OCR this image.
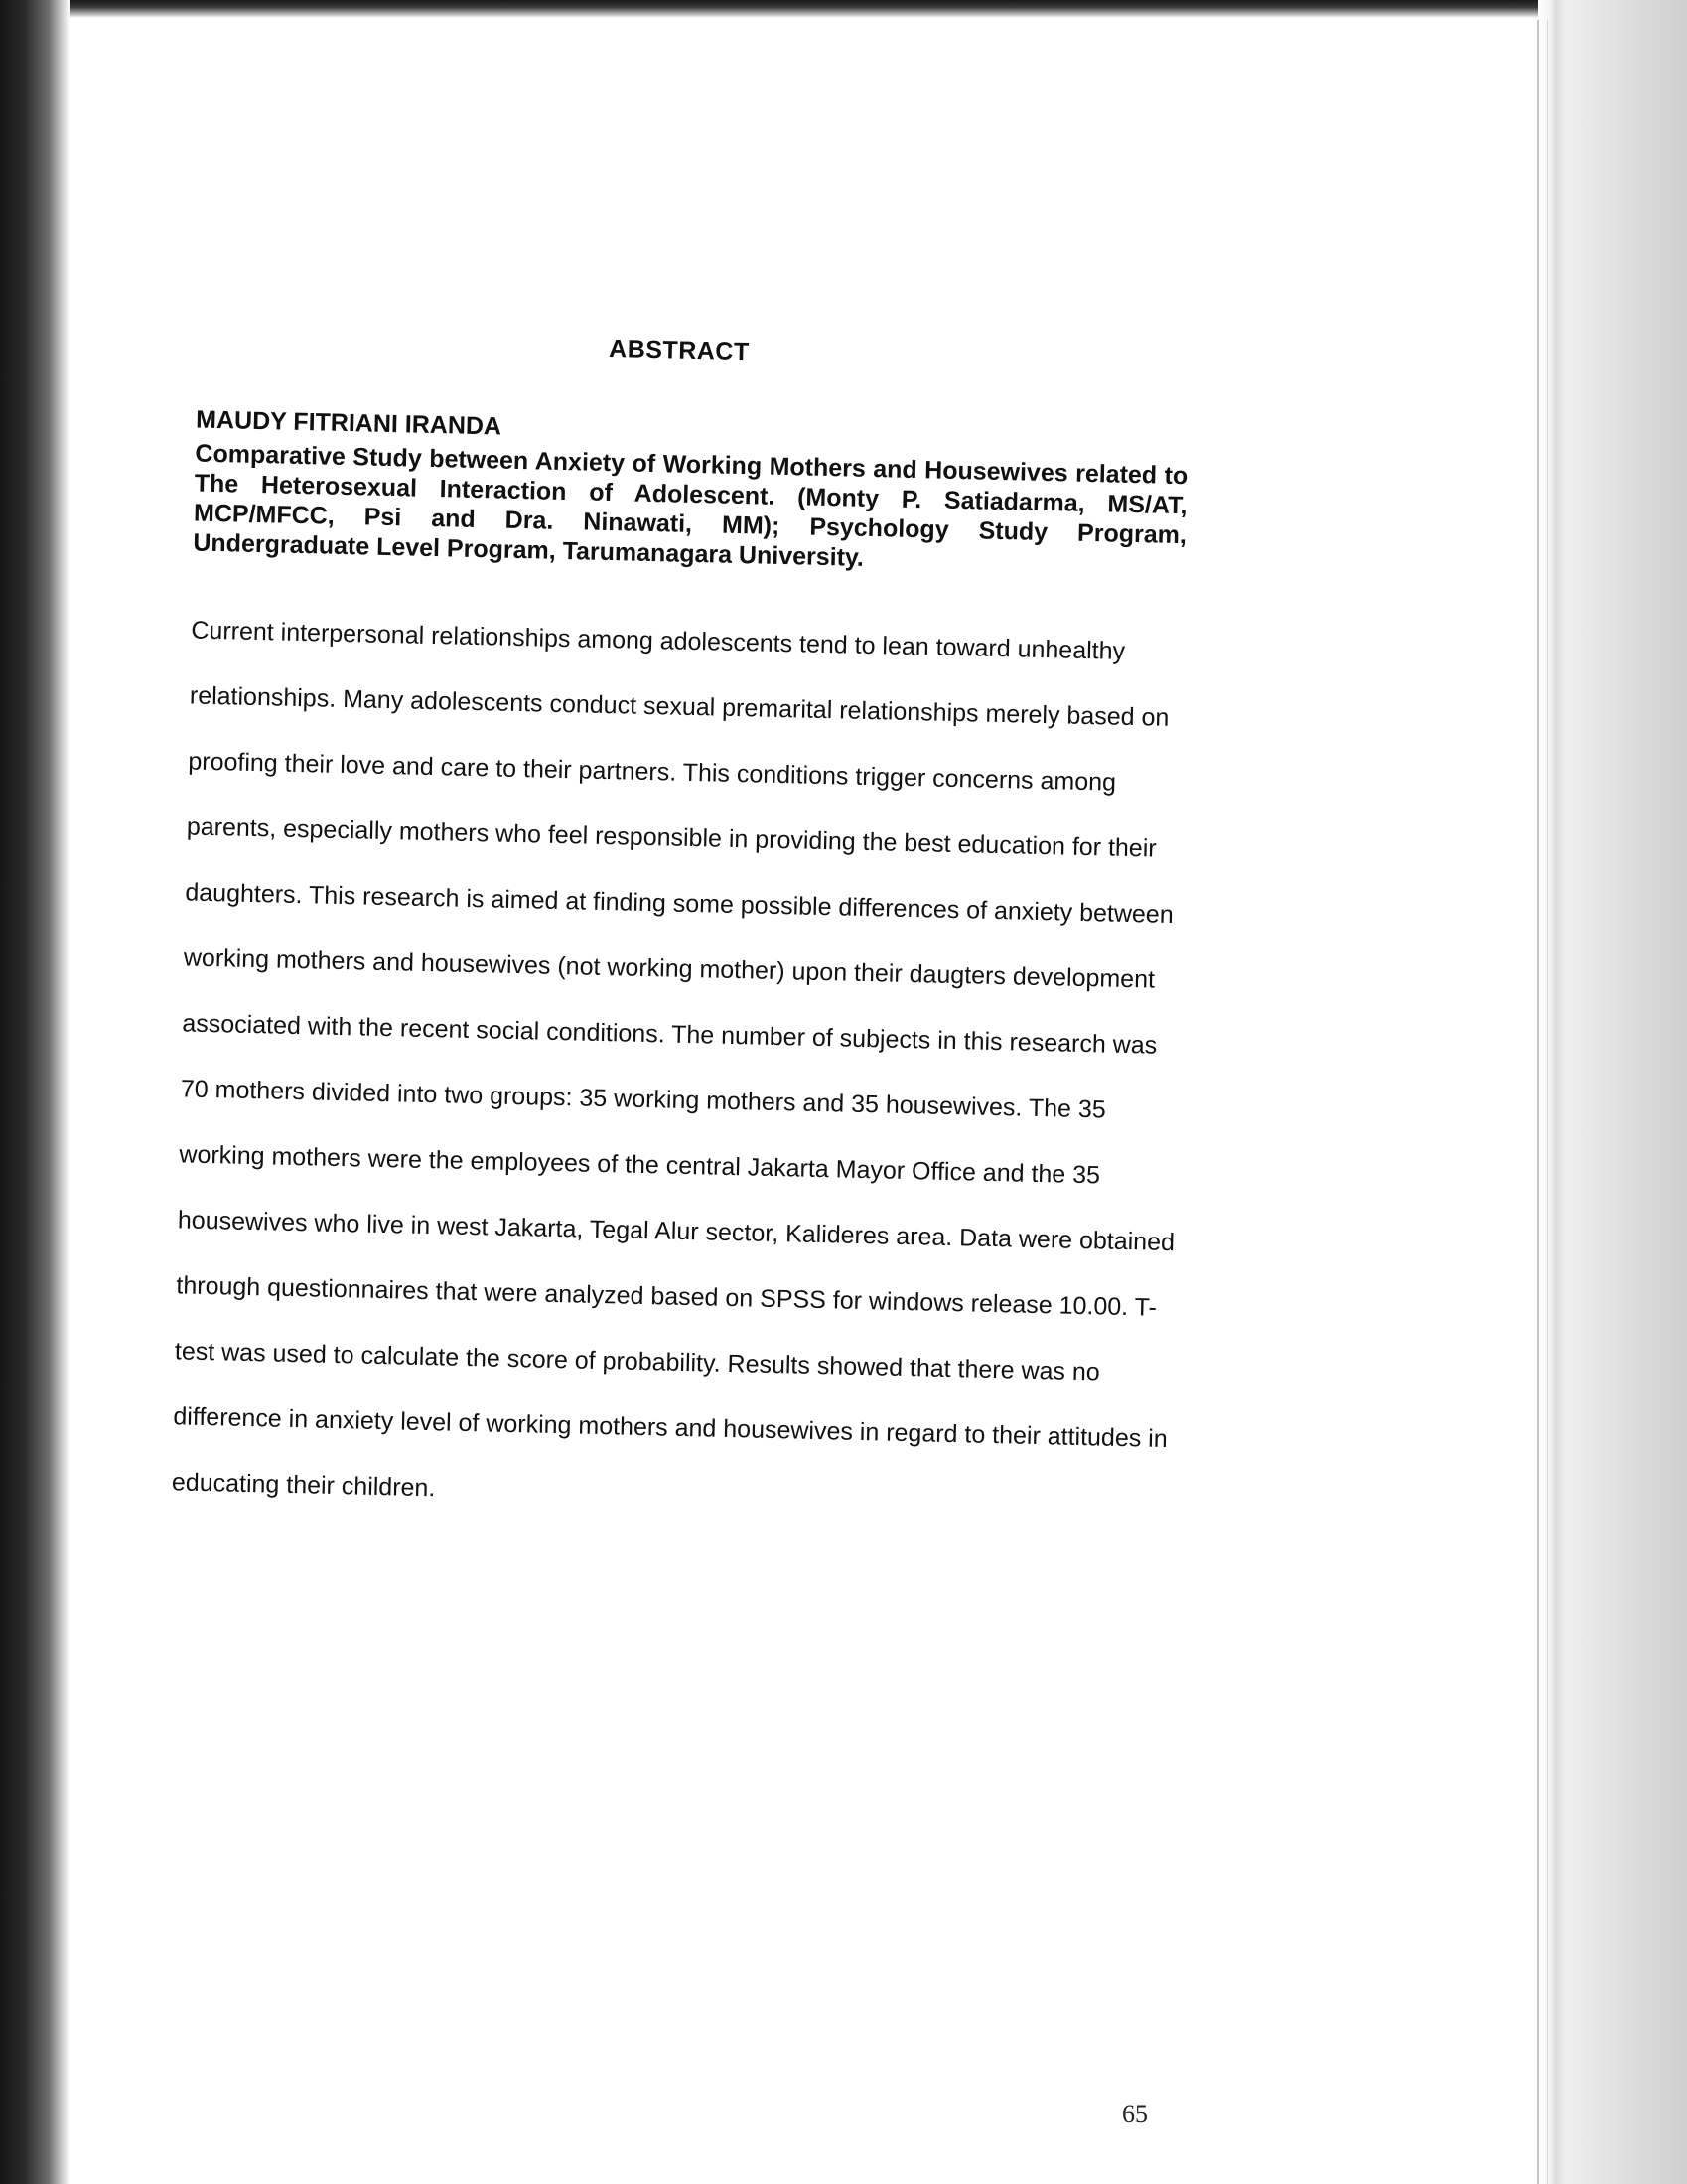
ABSTRACT
MAUDY FITRIANI IRANDA
Comparative Study between Anxiety of Working Mothers and Housewives related to The Heterosexual Interaction of Adolescent. (Monty P. Satiadarma, MS/AT, MCP/MFCC, Psi and Dra. Ninawati, MM); Psychology Study Program, Undergraduate Level Program, Tarumanagara University.

Current interpersonal relationships among adolescents tend to lean toward unhealthy relationships. Many adolescents conduct sexual premarital relationships merely based on proofing their love and care to their partners. This conditions trigger concerns among parents, especially mothers who feel responsible in providing the best education for their daughters. This research is aimed at finding some possible differences of anxiety between working mothers and housewives (not working mother) upon their daugters development associated with the recent social conditions. The number of subjects in this research was 70 mothers divided into two groups: 35 working mothers and 35 housewives. The 35 working mothers were the employees of the central Jakarta Mayor Office and the 35 housewives who live in west Jakarta, Tegal Alur sector, Kalideres area. Data were obtained through questionnaires that were analyzed based on SPSS for windows release 10.00. T-test was used to calculate the score of probability. Results showed that there was no difference in anxiety level of working mothers and housewives in regard to their attitudes in educating their children.

65
